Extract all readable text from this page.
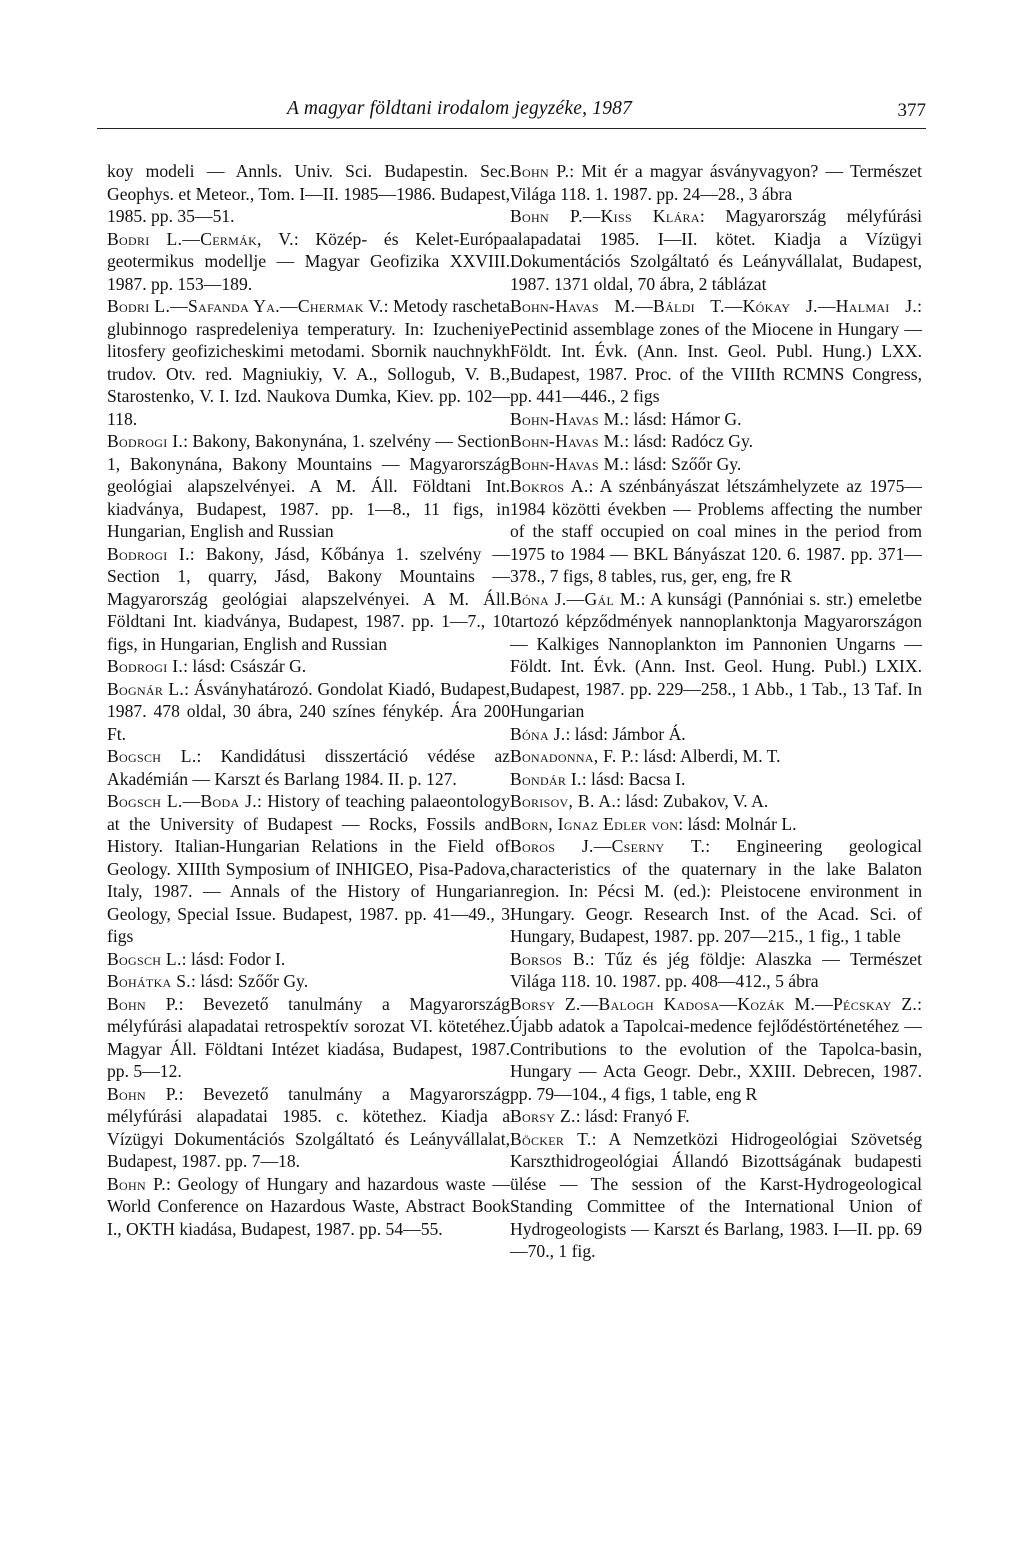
A magyar földtani irodalom jegyzéke, 1987	377

koy modeli — Annls. Univ. Sci. Budapestin. Sec. Geophys. et Meteor., Tom. I—II. 1985—1986. Budapest, 1985. pp. 35—51.

Bodri L.—Cermák, V.: Közép- és Kelet-Európa geotermikus modellje — Magyar Geofizika XXVIII. 1987. pp. 153—189.

Bodri L.—Safanda Ya.—Chermak V.: Metody rascheta glubinnogo raspredeleniya temperatury. In: Izucheniye litosfery geofizicheskimi metodami. Sbornik nauchnykh trudov. Otv. red. Magniukiy, V. A., Sollogub, V. B., Starostenko, V. I. Izd. Naukova Dumka, Kiev. pp. 102—118.

Bodrogi I.: Bakony, Bakonynána, 1. szelvény — Section 1, Bakonynána, Bakony Mountains — Magyarország geológiai alapszelvényei. A M. Áll. Földtani Int. kiadványa, Budapest, 1987. pp. 1—8., 11 figs, in Hungarian, English and Russian

Bodrogi I.: Bakony, Jásd, Kőbánya 1. szelvény — Section 1, quarry, Jásd, Bakony Mountains — Magyarország geológiai alapszelvényei. A M. Áll. Földtani Int. kiadványa, Budapest, 1987. pp. 1—7., 10 figs, in Hungarian, English and Russian

Bodrogi I.: lásd: Császár G.

Bognár L.: Ásványhatározó. Gondolat Kiadó, Budapest, 1987. 478 oldal, 30 ábra, 240 színes fénykép. Ára 200 Ft.

Bogsch L.: Kandidátusi disszertáció védése az Akadémián — Karszt és Barlang 1984. II. p. 127.

Bogsch L.—Boda J.: History of teaching palaeontology at the University of Budapest — Rocks, Fossils and History. Italian-Hungarian Relations in the Field of Geology. XIIIth Symposium of INHIGEO, Pisa-Padova, Italy, 1987. — Annals of the History of Hungarian Geology, Special Issue. Budapest, 1987. pp. 41—49., 3 figs

Bogsch L.: lásd: Fodor I.

Bohátka S.: lásd: Szőőr Gy.

Bohn P.: Bevezető tanulmány a Magyarország mélyfúrási alapadatai retrospektív sorozat VI. kötetéhez. Magyar Áll. Földtani Intézet kiadása, Budapest, 1987. pp. 5—12.

Bohn P.: Bevezető tanulmány a Magyarország mélyfúrási alapadatai 1985. c. kötethez. Kiadja a Vízügyi Dokumentációs Szolgáltató és Leányvállalat, Budapest, 1987. pp. 7—18.

Bohn P.: Geology of Hungary and hazardous waste — World Conference on Hazardous Waste, Abstract Book I., OKTH kiadása, Budapest, 1987. pp. 54—55.

Bohn P.: Mit ér a magyar ásványvagyon? — Természet Világa 118. 1. 1987. pp. 24—28., 3 ábra

Bohn P.—Kiss Klára: Magyarország mélyfúrási alapadatai 1985. I—II. kötet. Kiadja a Vízügyi Dokumentációs Szolgáltató és Leányvállalat, Budapest, 1987. 1371 oldal, 70 ábra, 2 táblázat

Bohn-Havas M.—Báldi T.—Kókay J.—Halmai J.: Pectinid assemblage zones of the Miocene in Hungary — Földt. Int. Évk. (Ann. Inst. Geol. Publ. Hung.) LXX. Budapest, 1987. Proc. of the VIIIth RCMNS Congress, pp. 441—446., 2 figs

Bohn-Havas M.: lásd: Hámor G.

Bohn-Havas M.: lásd: Radócz Gy.

Bohn-Havas M.: lásd: Szőőr Gy.

Bokros A.: A szénbányászat létszámhelyzete az 1975—1984 közötti években — Problems affecting the number of the staff occupied on coal mines in the period from 1975 to 1984 — BKL Bányászat 120. 6. 1987. pp. 371—378., 7 figs, 8 tables, rus, ger, eng, fre R

Bóna J.—Gál M.: A kunsági (Pannóniai s. str.) emeletbe tartozó képződmények nannoplanktonja Magyarországon — Kalkiges Nannoplankton im Pannonien Ungarns — Földt. Int. Évk. (Ann. Inst. Geol. Hung. Publ.) LXIX. Budapest, 1987. pp. 229—258., 1 Abb., 1 Tab., 13 Taf. In Hungarian

Bóna J.: lásd: Jámbor Á.

Bonadonna, F. P.: lásd: Alberdi, M. T.

Bondár I.: lásd: Bacsa I.

Borisov, B. A.: lásd: Zubakov, V. A.

Born, Ignaz Edler von: lásd: Molnár L.

Boros J.—Cserny T.: Engineering geological characteristics of the quaternary in the lake Balaton region. In: Pécsi M. (ed.): Pleistocene environment in Hungary. Geogr. Research Inst. of the Acad. Sci. of Hungary, Budapest, 1987. pp. 207—215., 1 fig., 1 table

Borsos B.: Tűz és jég földje: Alaszka — Természet Világa 118. 10. 1987. pp. 408—412., 5 ábra

Borsy Z.—Balogh Kadosa—Kozák M.—Pécskay Z.: Újabb adatok a Tapolcai-medence fejlődéstörténetéhez — Contributions to the evolution of the Tapolca-basin, Hungary — Acta Geogr. Debr., XXIII. Debrecen, 1987. pp. 79—104., 4 figs, 1 table, eng R

Borsy Z.: lásd: Franyó F.

Böcker T.: A Nemzetközi Hidrogeológiai Szövetség Karszthidrogeológiai Állandó Bizottságának budapesti ülése — The session of the Karst-Hydrogeological Standing Committee of the International Union of Hydrogeologists — Karszt és Barlang, 1983. I—II. pp. 69—70., 1 fig.
